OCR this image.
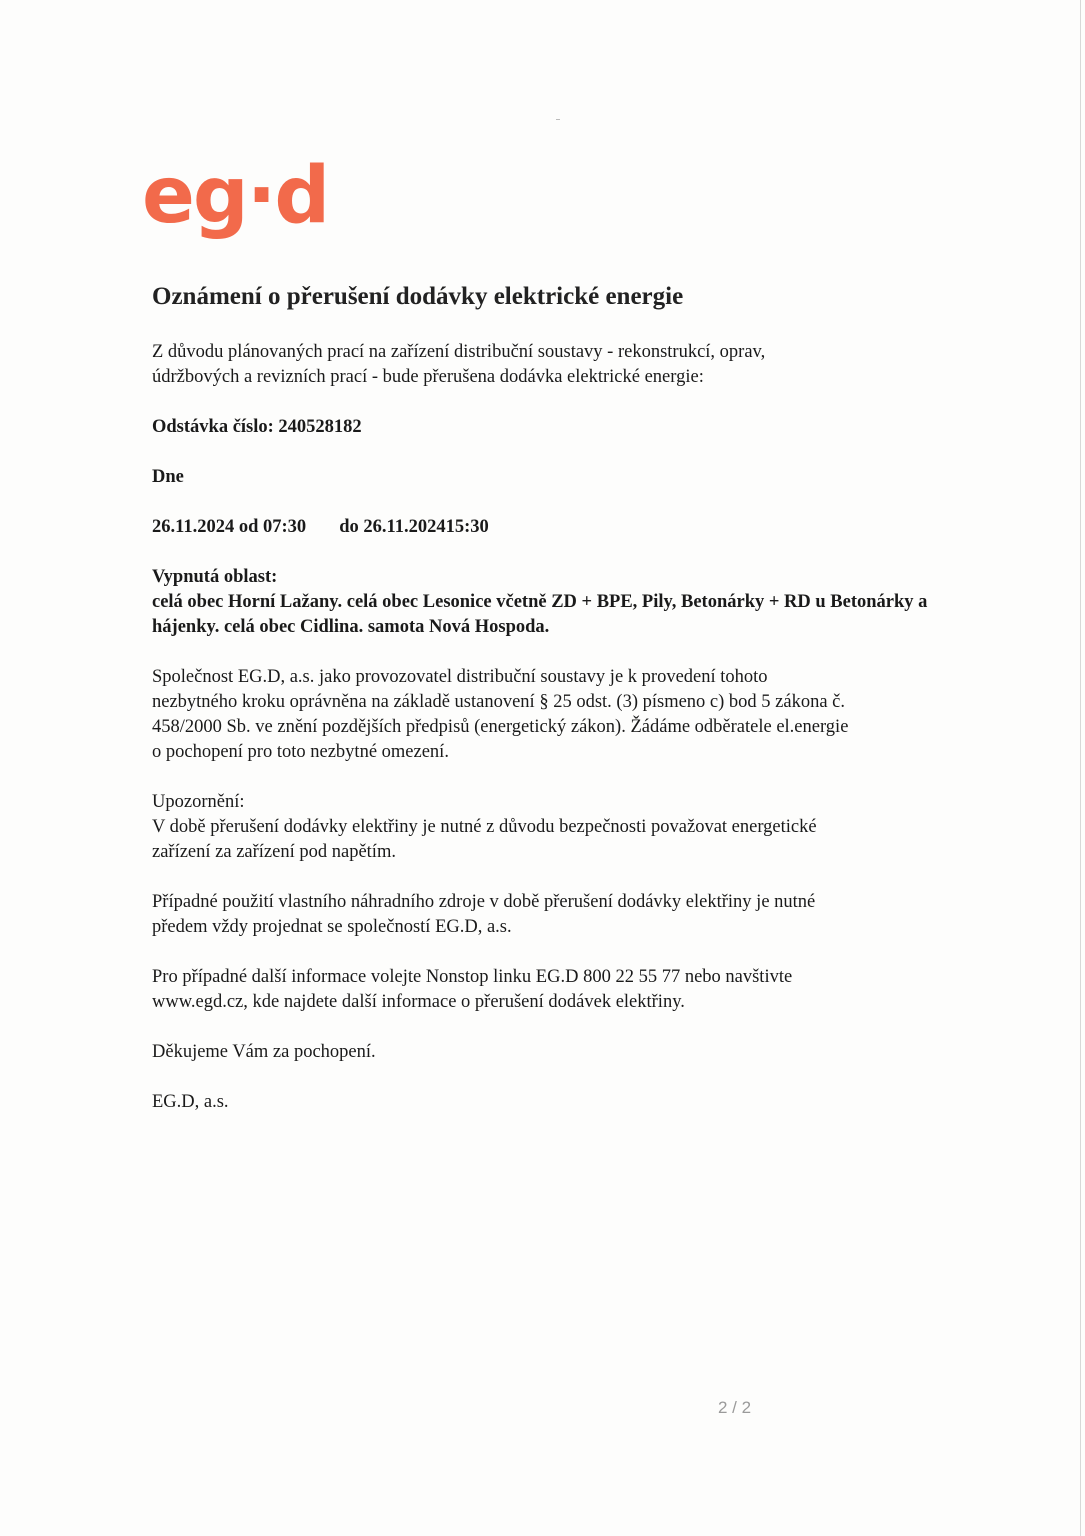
eg·d
Oznámení o přerušení dodávky elektrické energie

Z důvodu plánovaných prací na zařízení distribuční soustavy - rekonstrukcí, oprav,
údržbových a revizních prací - bude přerušena dodávka elektrické energie:

Odstávka číslo: 240528182

Dne

26.11.2024 od 07:30 do 26.11.202415:30

Vypnutá oblast:

celá obec Horní Lažany. celá obec Lesonice včetně ZD + BPE, Pily, Betonárky + RD u Betonárky a
hájenky. celá obec Cidlina. samota Nová Hospoda.

Společnost EG.D, a.s. jako provozovatel distribuční soustavy je k provedení tohoto
nezbytného kroku oprávněna na základě ustanovení § 25 odst. (3) písmeno c) bod 5 zákona č.
458/2000 Sb. ve znění pozdějších předpisů (energetický zákon). Žádáme odběratele el.energie
o pochopení pro toto nezbytné omezení.

Upozornění:

V době přerušení dodávky elektřiny je nutné z důvodu bezpečnosti považovat energetické
zařízení za zařízení pod napětím.

Případné použití vlastního náhradního zdroje v době přerušení dodávky elektřiny je nutné
předem vždy projednat se společností EG.D, a.s.

Pro případné další informace volejte Nonstop linku EG.D 800 22 55 77 nebo navštivte
www.egd.cz, kde najdete další informace o přerušení dodávek elektřiny.

Děkujeme Vám za pochopení.

EG.D, a.s.

2 / 2
